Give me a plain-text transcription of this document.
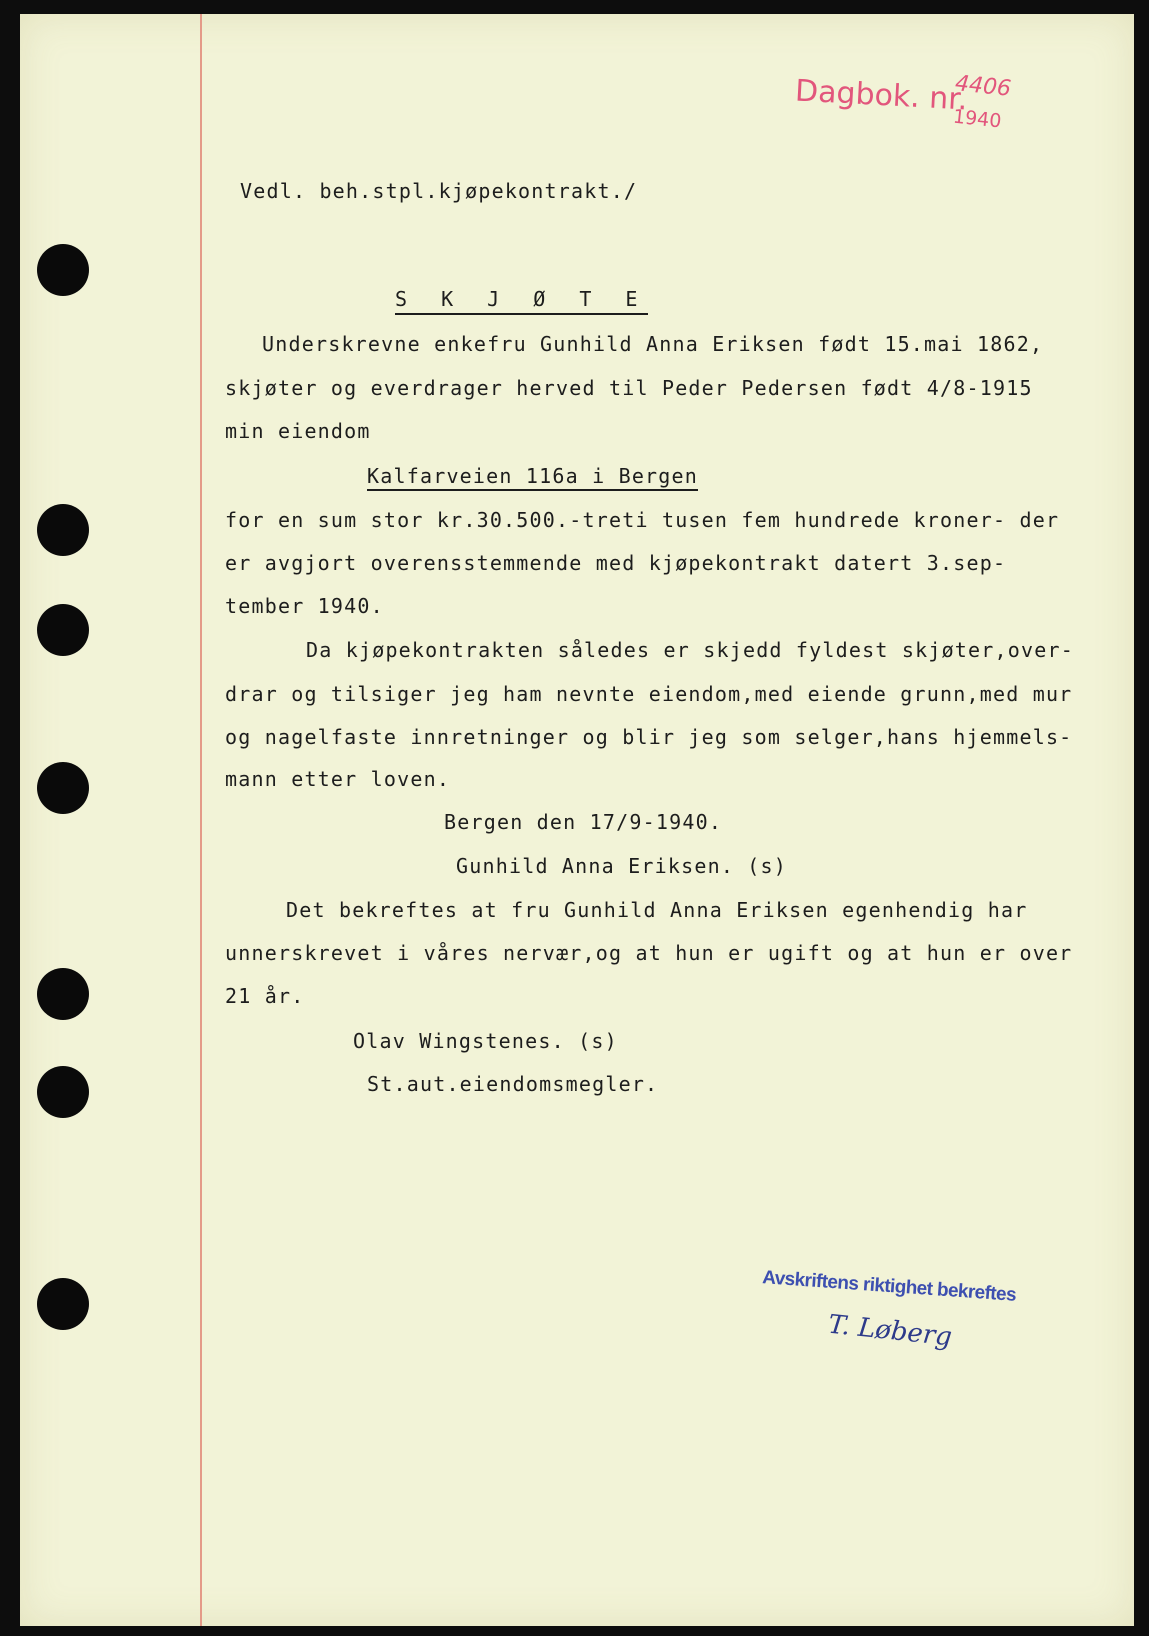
Dagbok. nr.
4406
1940
Vedl. beh.stpl.kjøpekontrakt./
S K J Ø T E
Underskrevne enkefru Gunhild Anna Eriksen født 15.mai 1862,
skjøter og everdrager herved til Peder Pedersen født 4/8-1915
min eiendom
Kalfarveien 116a i Bergen
for en sum stor kr.30.500.-treti tusen fem hundrede kroner- der
er avgjort overensstemmende med kjøpekontrakt datert 3.sep-
tember 1940.
Da kjøpekontrakten således er skjedd fyldest skjøter,over-
drar og tilsiger jeg ham nevnte eiendom,med eiende grunn,med mur
og nagelfaste innretninger og blir jeg som selger,hans hjemmels-
mann etter loven.
Bergen den 17/9-1940.
Gunhild Anna Eriksen. (s)
Det bekreftes at fru Gunhild Anna Eriksen egenhendig har
unnerskrevet i våres nervær,og at hun er ugift og at hun er over
21 år.
Olav Wingstenes. (s)
St.aut.eiendomsmegler.
Avskriftens riktighet bekreftes
T. Løberg
